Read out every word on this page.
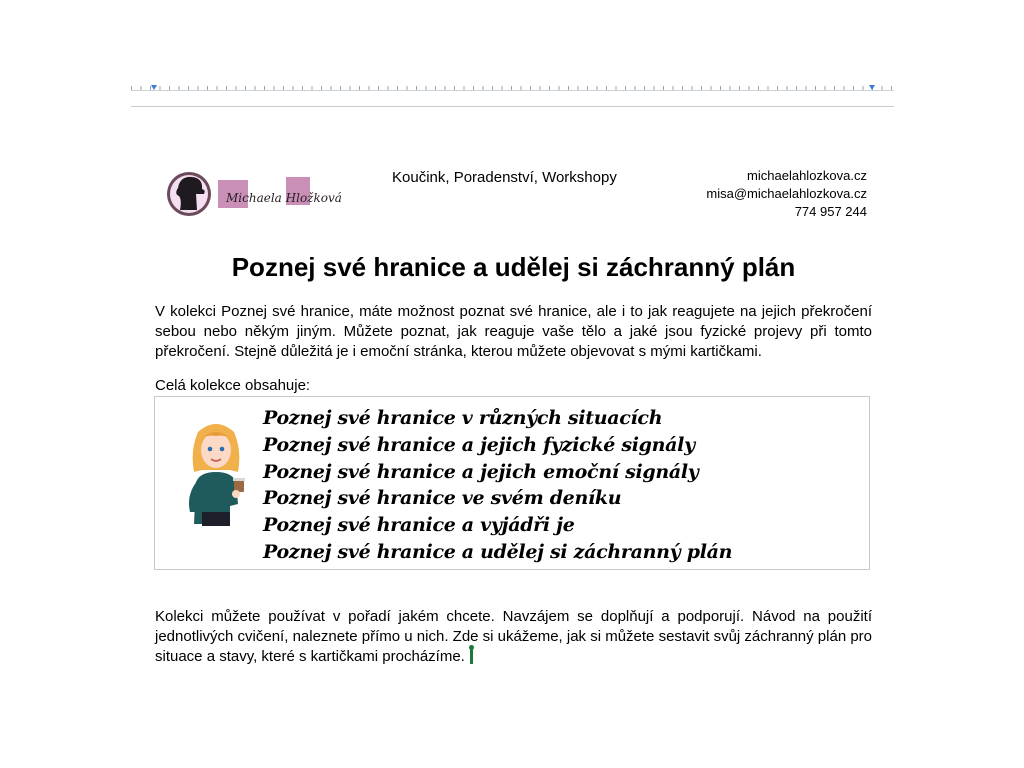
Michaela Hložková
Koučink, Poradenství, Workshopy	michaelahlozkova.cz
misa@michaelahlozkova.cz
774 957 244
Poznej své hranice a udělej si záchranný plán

V kolekci Poznej své hranice, máte možnost poznat své hranice, ale i to jak reagujete na jejich překročení sebou nebo někým jiným. Můžete poznat, jak reaguje vaše tělo a jaké jsou fyzické projevy při tomto překročení. Stejně důležitá je i emoční stránka, kterou můžete objevovat s mými kartičkami.

Celá kolekce obsahuje:
Poznej své hranice v různých situacích
Poznej své hranice a jejich fyzické signály
Poznej své hranice a jejich emoční signály
Poznej své hranice ve svém deníku
Poznej své hranice a vyjádři je
Poznej své hranice a udělej si záchranný plán

Kolekci můžete používat v pořadí jakém chcete. Navzájem se doplňují a podporují. Návod na použití jednotlivých cvičení, naleznete přímo u nich. Zde si ukážeme, jak si můžete sestavit svůj záchranný plán pro situace a stavy, které s kartičkami procházíme.
